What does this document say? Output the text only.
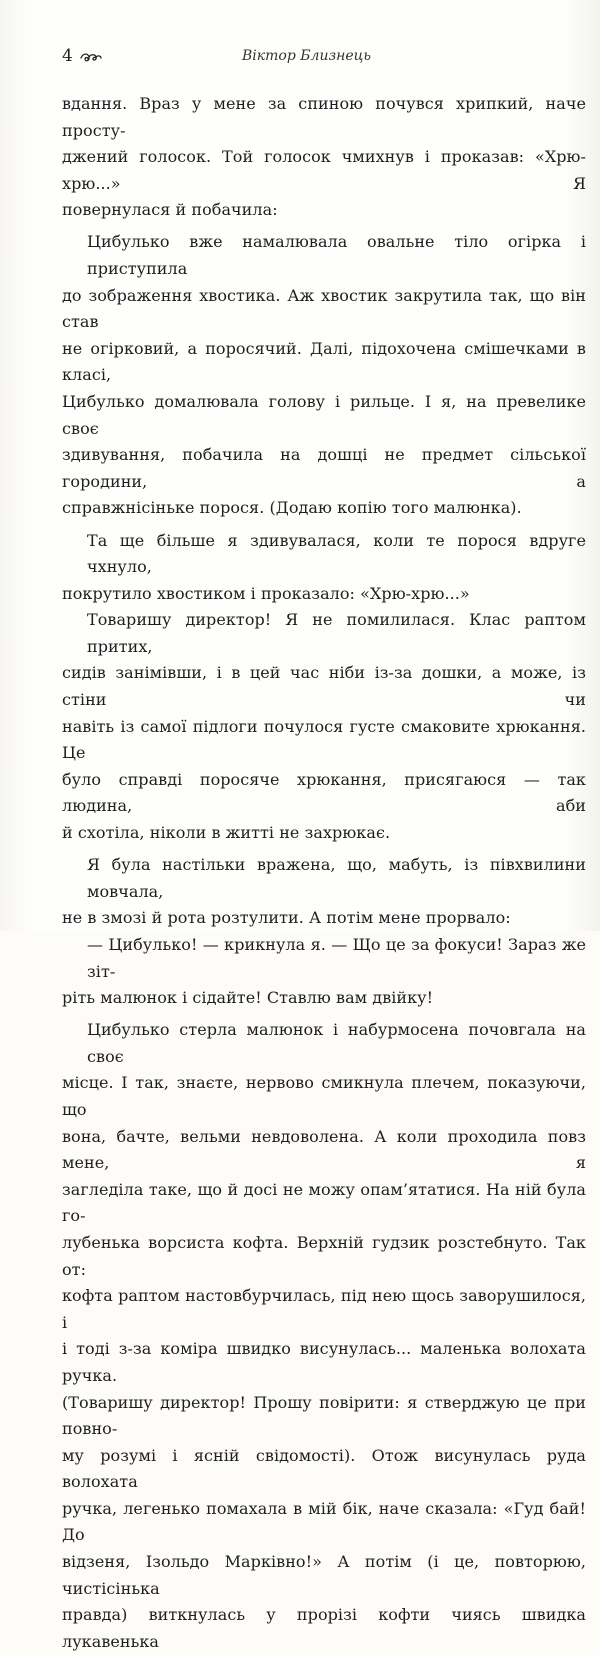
4	Віктор Близнець

вдання. Враз у мене за спиною почувся хрипкий, наче просту-

джений голосок. Той голосок чмихнув і проказав: «Хрю-хрю...» Я

повернулася й побачила:

Цибулько вже намалювала овальне тіло огірка і приступила

до зображення хвостика. Аж хвостик закрутила так, що він став

не огірковий, а поросячий. Далі, підохочена смішечками в класі,

Цибулько домалювала голову і рильце. І я, на превелике своє

здивування, побачила на дошці не предмет сільської городини, а

справжнісіньке порося. (Додаю копію того малюнка).

Та ще більше я здивувалася, коли те порося вдруге чхнуло,

покрутило хвостиком і проказало: «Хрю-хрю...»

Товаришу директор! Я не помилилася. Клас раптом притих,

сидів занімівши, і в цей час ніби із-за дошки, а може, із стіни чи

навіть із самої підлоги почулося густе смаковите хрюкання. Це

було справді поросяче хрюкання, присягаюся — так людина, аби

й схотіла, ніколи в житті не захрюкає.

Я була настільки вражена, що, мабуть, із півхвилини мовчала,

не в змозі й рота розтулити. А потім мене прорвало:

— Цибулько! — крикнула я. — Що це за фокуси! Зараз же зіт-

ріть малюнок і сідайте! Ставлю вам двійку!

Цибулько стерла малюнок і набурмосена почовгала на своє

місце. І так, знаєте, нервово смикнула плечем, показуючи, що

вона, бачте, вельми невдоволена. А коли проходила повз мене, я

загледіла таке, що й досі не можу опам’ятатися. На ній була го-

лубенька ворсиста кофта. Верхній гудзик розстебнуто. Так от:

кофта раптом настовбурчилась, під нею щось заворушилося, і

і тоді з-за коміра швидко висунулась... маленька волохата ручка.

(Товаришу директор! Прошу повірити: я стверджую це при повно-

му розумі і ясній свідомості). Отож висунулась руда волохата

ручка, легенько помахала в мій бік, наче сказала: «Гуд бай! До

відзеня, Ізольдо Марківно!» А потім (і це, повторюю, чистісінька

правда) виткнулась у прорізі кофти чиясь швидка лукавенька
